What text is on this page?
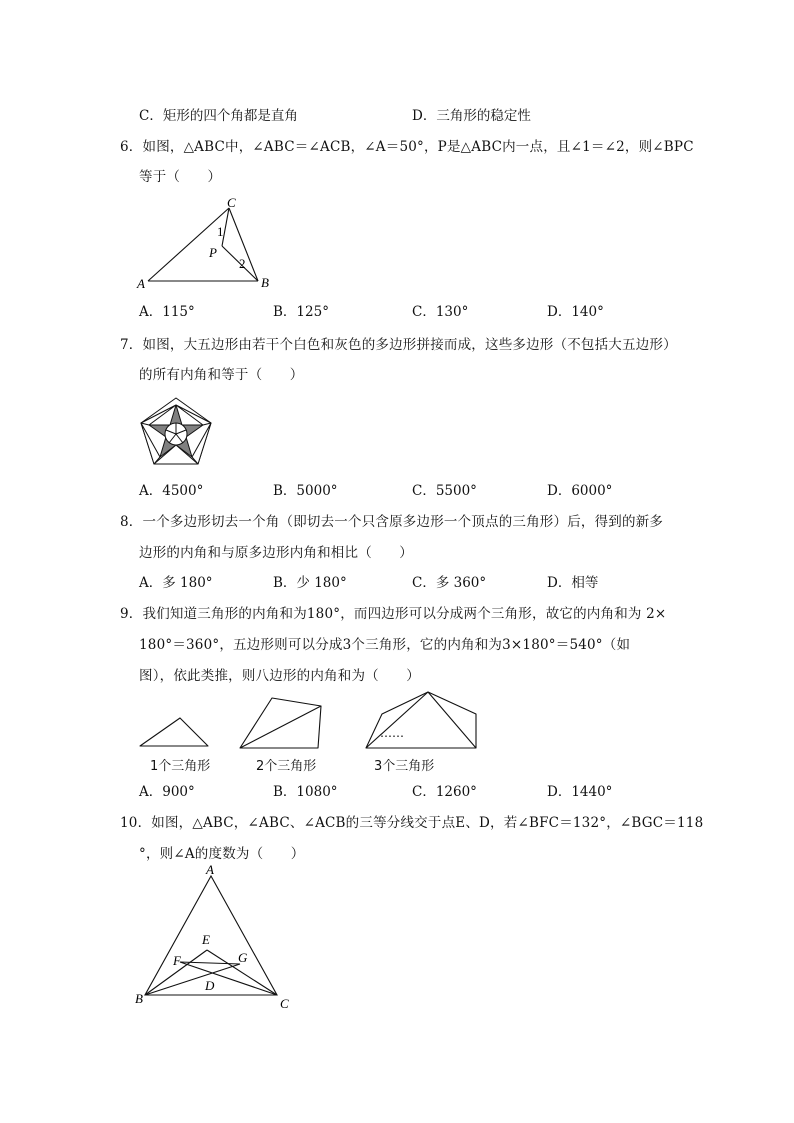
C．矩形的四个角都是直角	D．三角形的稳定性
6．如图，△ABC中，∠ABC＝∠ACB，∠A＝50°，P是△ABC内一点，且∠1＝∠2，则∠BPC
等于（　　）
C
A	B
P
1
2
A．115°	B．125°	C．130°	D．140°
7．如图，大五边形由若干个白色和灰色的多边形拼接而成，这些多边形（不包括大五边形）
的所有内角和等于（　　）
A．4500°	B．5000°	C．5500°	D．6000°
8．一个多边形切去一个角（即切去一个只含原多边形一个顶点的三角形）后，得到的新多
边形的内角和与原多边形内角和相比（　　）
A．多 180°	B．少 180°	C．多 360°	D．相等
9．我们知道三角形的内角和为180°，而四边形可以分成两个三角形，故它的内角和为 2×
180°＝360°，五边形则可以分成3个三角形，它的内角和为3×180°＝540°（如
图），依此类推，则八边形的内角和为（　　）
……
1个三角形	2个三角形	3个三角形
A．900°	B．1080°	C．1260°	D．1440°
10．如图，△ABC，∠ABC、∠ACB的三等分线交于点E、D，若∠BFC＝132°，∠BGC＝118
°，则∠A的度数为（　　）
A
B	C
E
F	G
D
